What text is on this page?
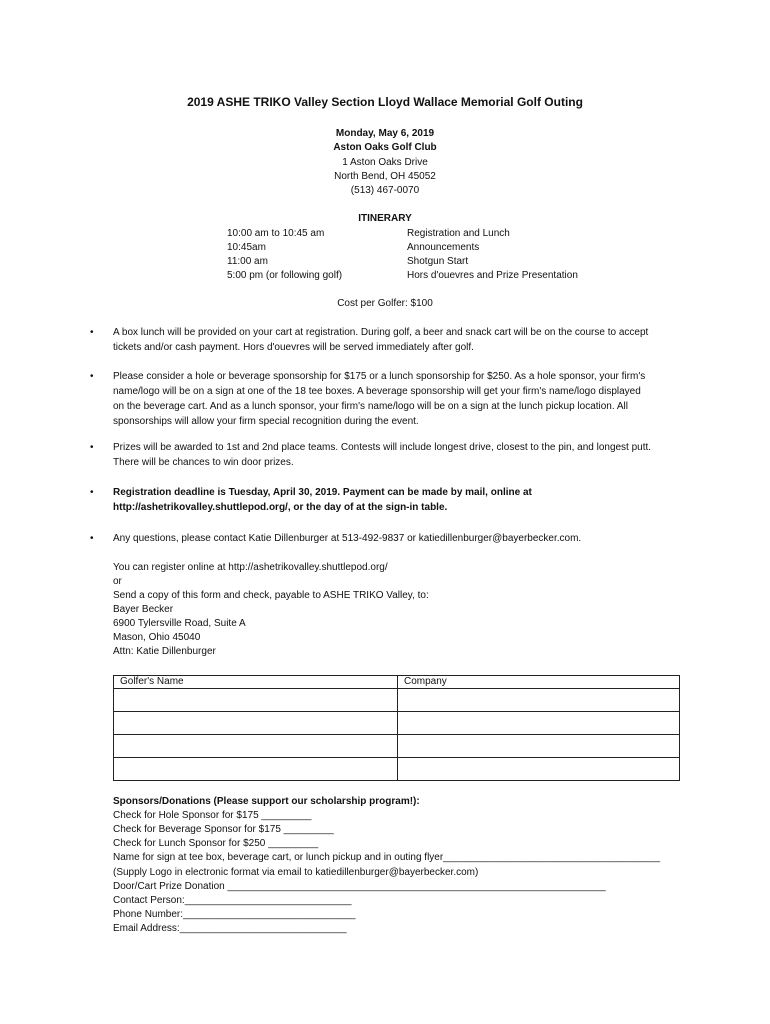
2019 ASHE TRIKO Valley Section Lloyd Wallace Memorial Golf Outing
Monday, May 6, 2019
Aston Oaks Golf Club
1 Aston Oaks Drive
North Bend, OH 45052
(513) 467-0070
ITINERARY
10:00 am to 10:45 am	Registration and Lunch
10:45am	Announcements
11:00 am	Shotgun Start
5:00 pm (or following golf)	Hors d'ouevres and Prize Presentation
Cost per Golfer: $100
•	A box lunch will be provided on your cart at registration. During golf, a beer and snack cart will be on the course to accept
tickets and/or cash payment. Hors d'ouevres will be served immediately after golf.
•	Please consider a hole or beverage sponsorship for $175 or a lunch sponsorship for $250. As a hole sponsor, your firm's
name/logo will be on a sign at one of the 18 tee boxes. A beverage sponsorship will get your firm's name/logo displayed
on the beverage cart. And as a lunch sponsor, your firm's name/logo will be on a sign at the lunch pickup location. All
sponsorships will allow your firm special recognition during the event.
•	Prizes will be awarded to 1st and 2nd place teams. Contests will include longest drive, closest to the pin, and longest putt.
There will be chances to win door prizes.
•	Registration deadline is Tuesday, April 30, 2019. Payment can be made by mail, online at
http://ashetrikovalley.shuttlepod.org/, or the day of at the sign-in table.
•	Any questions, please contact Katie Dillenburger at 513-492-9837 or katiedillenburger@bayerbecker.com.
You can register online at http://ashetrikovalley.shuttlepod.org/
or
Send a copy of this form and check, payable to ASHE TRIKO Valley, to:
Bayer Becker
6900 Tylersville Road, Suite A
Mason, Ohio 45040
Attn: Katie Dillenburger
Golfer's Name	Company

Sponsors/Donations (Please support our scholarship program!):
Check for Hole Sponsor for $175 _________
Check for Beverage Sponsor for $175 _________
Check for Lunch Sponsor for $250 _________
Name for sign at tee box, beverage cart, or lunch pickup and in outing flyer_______________________________________
(Supply Logo in electronic format via email to katiedillenburger@bayerbecker.com)
Door/Cart Prize Donation ____________________________________________________________________
Contact Person:______________________________
Phone Number:_______________________________
Email Address:______________________________
